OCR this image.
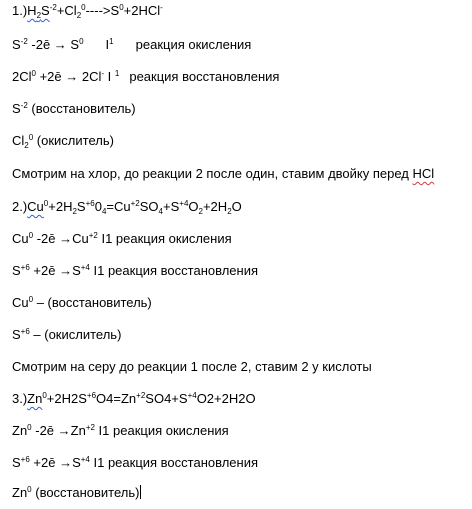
$1.)H_2S^{-2}+Cl_2^0---->S^0+2HCl^-$
$S^{-2}$ -2ē → $S^0$ $I^1$ реакция окисления
$2Cl^0$ +2ē → 2Cl- I $^1$ реакция восстановления
$S^{-2}$ (восстановитель)
$Cl_2^0$ (окислитель)
Смотрим на хлор, до реакции 2 после один, ставим двойку перед HCl
$2.)Cu^0+2H_2S^{+6}0_4=Cu^{+2}SO_4+S^{+4}O_2+2H_2O$
Cu$^0$ -2ē $\to Cu^{+2}$ I1 реакция окисления
$S^{+6}$ +2ē $\to S^{+4}$ I1 реакция восстановления
Cu$^0$ – (восстановитель)
$S^{+6}$ – (окислитель)
Смотрим на серу до реакции 1 после 2, ставим 2 у кислоты
$3.)Zn^0+2H2S^{+6}O4=Zn^{+2}SO4+S^{+4}O2+2H2O$
Zn$^0$ -2ē $\to Zn^{+2}$ I1 реакция окисления
$S^{+6}$ +2ē $\to S^{+4}$ I1 реакция восстановления
Zn$^0$ (восстановитель)
